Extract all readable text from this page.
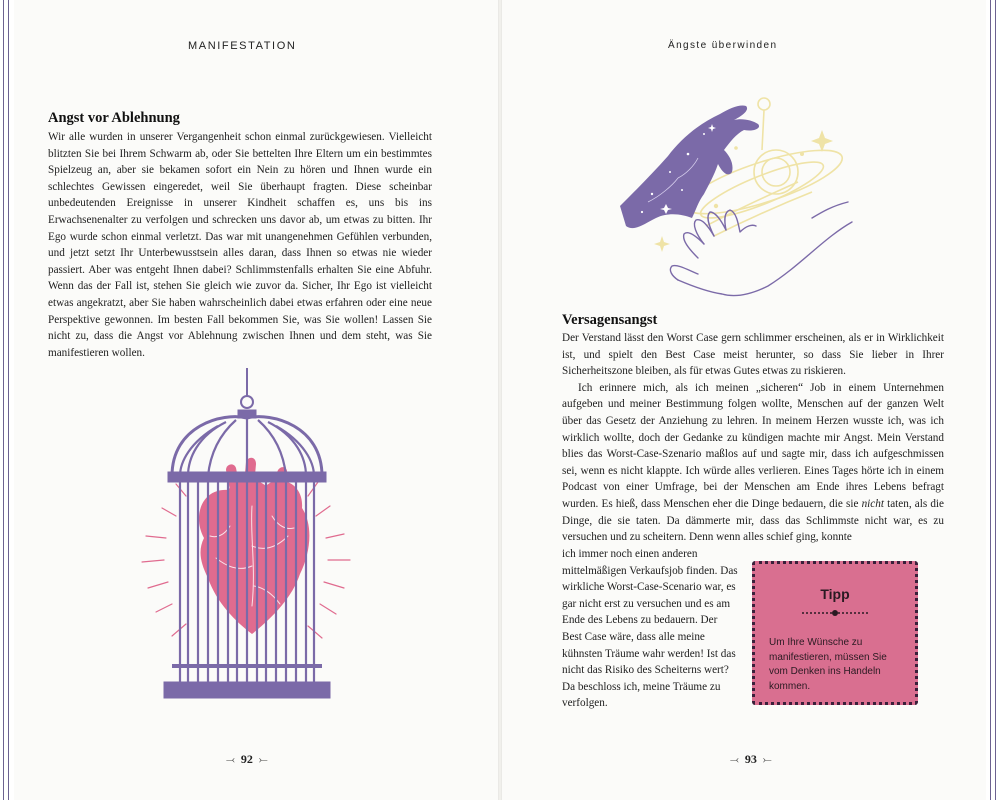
MANIFESTATION
Angst vor Ablehnung

Wir alle wurden in unserer Vergangenheit schon einmal zurückgewiesen. Vielleicht blitzten Sie bei Ihrem Schwarm ab, oder Sie bettelten Ihre Eltern um ein bestimmtes Spielzeug an, aber sie bekamen sofort ein Nein zu hören und Ihnen wurde ein schlechtes Gewissen eingeredet, weil Sie überhaupt fragten. Diese scheinbar unbedeutenden Ereignisse in unserer Kindheit schaffen es, uns bis ins Erwachsenenalter zu verfolgen und schrecken uns davor ab, um etwas zu bitten. Ihr Ego wurde schon einmal verletzt. Das war mit unangenehmen Gefühlen verbunden, und jetzt setzt Ihr Unterbewusstsein alles daran, dass Ihnen so etwas nie wieder passiert. Aber was entgeht Ihnen dabei? Schlimmstenfalls erhalten Sie eine Abfuhr. Wenn das der Fall ist, stehen Sie gleich wie zuvor da. Sicher, Ihr Ego ist vielleicht etwas angekratzt, aber Sie haben wahrscheinlich dabei etwas erfahren oder eine neue Perspektive gewonnen. Im besten Fall bekommen Sie, was Sie wollen! Lassen Sie nicht zu, dass die Angst vor Ablehnung zwischen Ihnen und dem steht, was Sie manifestieren wollen.

⤙ 92 ⤚
Ängste überwinden
Versagensangst

Der Verstand lässt den Worst Case gern schlimmer erscheinen, als er in Wirklichkeit ist, und spielt den Best Case meist herunter, so dass Sie lieber in Ihrer Sicherheitszone bleiben, als für etwas Gutes etwas zu riskieren.

Ich erinnere mich, als ich meinen „sicheren“ Job in einem Unternehmen aufgeben und meiner Bestimmung folgen wollte, Menschen auf der ganzen Welt über das Gesetz der Anziehung zu lehren. In meinem Herzen wusste ich, was ich wirklich wollte, doch der Gedanke zu kündigen machte mir Angst. Mein Verstand blies das Worst-Case-Szenario maßlos auf und sagte mir, dass ich aufgeschmissen sei, wenn es nicht klappte. Ich würde alles verlieren. Eines Tages hörte ich in einem Podcast von einer Umfrage, bei der Menschen am Ende ihres Lebens befragt wurden. Es hieß, dass Menschen eher die Dinge bedauern, die sie nicht taten, als die Dinge, die sie taten. Da dämmerte mir, dass das Schlimmste nicht war, es zu versuchen und zu scheitern. Denn wenn alles schief ging, konnte

ich immer noch einen anderen mittelmäßigen Verkaufsjob finden. Das wirkliche Worst-Case-Scenario war, es gar nicht erst zu versuchen und es am Ende des Lebens zu bedauern. Der Best Case wäre, dass alle meine kühnsten Träume wahr werden! Ist das nicht das Risiko des Scheiterns wert? Da beschloss ich, meine Träume zu verfolgen.

Tipp
Um Ihre Wünsche zu manifestieren, müssen Sie vom Denken ins Handeln kommen.
⤙ 93 ⤚
